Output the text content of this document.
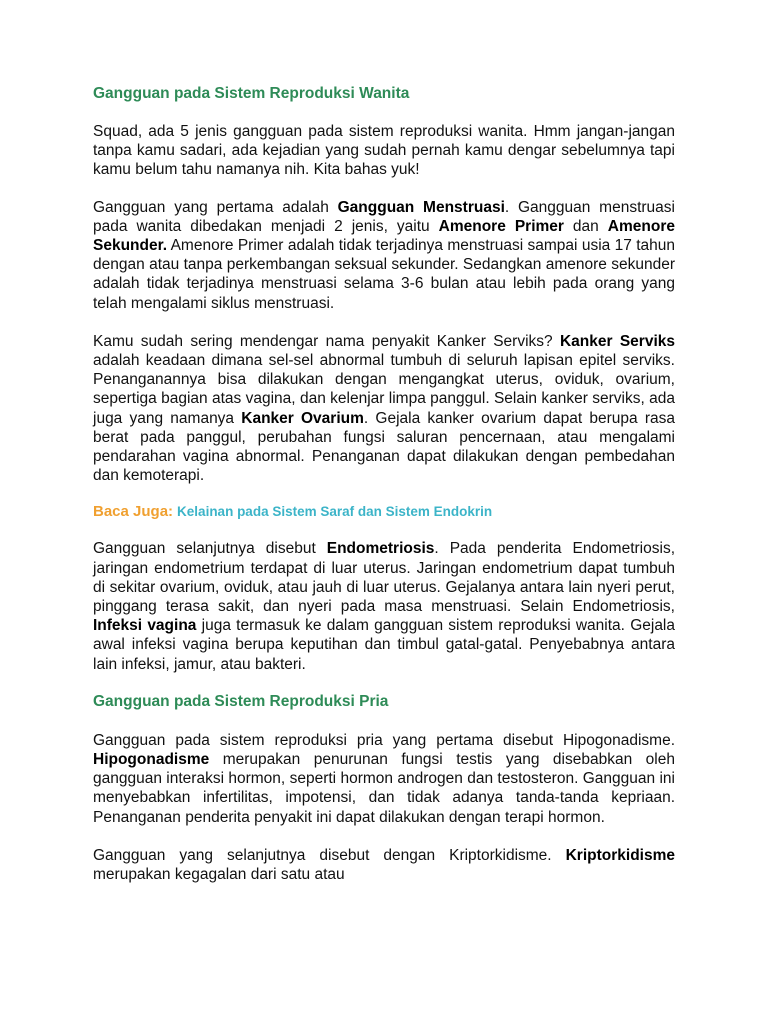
Gangguan pada Sistem Reproduksi Wanita

Squad, ada 5 jenis gangguan pada sistem reproduksi wanita. Hmm jangan-jangan tanpa kamu sadari, ada kejadian yang sudah pernah kamu dengar sebelumnya tapi kamu belum tahu namanya nih. Kita bahas yuk!

Gangguan yang pertama adalah Gangguan Menstruasi. Gangguan menstruasi pada wanita dibedakan menjadi 2 jenis, yaitu Amenore Primer dan Amenore Sekunder. Amenore Primer adalah tidak terjadinya menstruasi sampai usia 17 tahun dengan atau tanpa perkembangan seksual sekunder. Sedangkan amenore sekunder adalah tidak terjadinya menstruasi selama 3-6 bulan atau lebih pada orang yang telah mengalami siklus menstruasi.

Kamu sudah sering mendengar nama penyakit Kanker Serviks? Kanker Serviks adalah keadaan dimana sel-sel abnormal tumbuh di seluruh lapisan epitel serviks. Penanganannya bisa dilakukan dengan mengangkat uterus, oviduk, ovarium, sepertiga bagian atas vagina, dan kelenjar limpa panggul. Selain kanker serviks, ada juga yang namanya Kanker Ovarium. Gejala kanker ovarium dapat berupa rasa berat pada panggul, perubahan fungsi saluran pencernaan, atau mengalami pendarahan vagina abnormal. Penanganan dapat dilakukan dengan pembedahan dan kemoterapi.

Baca Juga: Kelainan pada Sistem Saraf dan Sistem Endokrin

Gangguan selanjutnya disebut Endometriosis. Pada penderita Endometriosis, jaringan endometrium terdapat di luar uterus. Jaringan endometrium dapat tumbuh di sekitar ovarium, oviduk, atau jauh di luar uterus. Gejalanya antara lain nyeri perut, pinggang terasa sakit, dan nyeri pada masa menstruasi. Selain Endometriosis, Infeksi vagina juga termasuk ke dalam gangguan sistem reproduksi wanita. Gejala awal infeksi vagina berupa keputihan dan timbul gatal-gatal. Penyebabnya antara lain infeksi, jamur, atau bakteri.

Gangguan pada Sistem Reproduksi Pria

Gangguan pada sistem reproduksi pria yang pertama disebut Hipogonadisme. Hipogonadisme merupakan penurunan fungsi testis yang disebabkan oleh gangguan interaksi hormon, seperti hormon androgen dan testosteron. Gangguan ini menyebabkan infertilitas, impotensi, dan tidak adanya tanda-tanda kepriaan. Penanganan penderita penyakit ini dapat dilakukan dengan terapi hormon.

Gangguan yang selanjutnya disebut dengan Kriptorkidisme. Kriptorkidisme merupakan kegagalan dari satu atau
